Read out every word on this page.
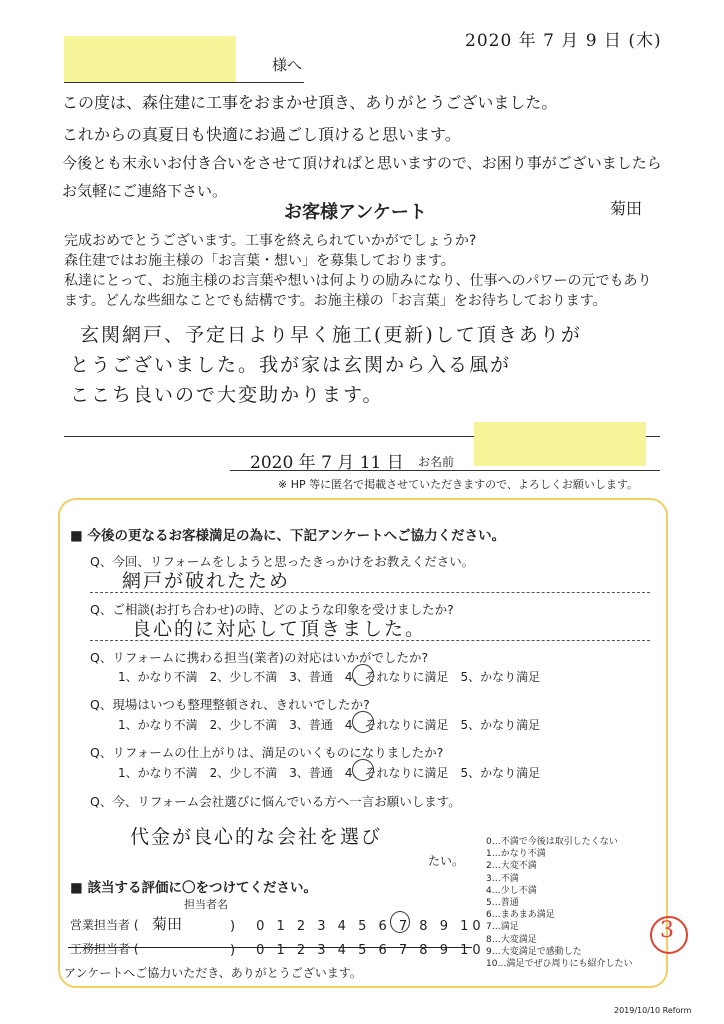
2020 年 7 月 9 日 (木)
様へ
この度は、森住建に工事をおまかせ頂き、ありがとうございました。
これからの真夏日も快適にお過ごし頂けると思います。
今後とも末永いお付き合いをさせて頂ければと思いますので、お困り事がございましたら
お気軽にご連絡下さい。
菊田
お客様アンケート
完成おめでとうございます。工事を終えられていかがでしょうか?
森住建ではお施主様の「お言葉・想い」を募集しております。
私達にとって、お施主様のお言葉や想いは何よりの励みになり、仕事へのパワーの元でもあり
ます。どんな些細なことでも結構です。お施主様の「お言葉」をお待ちしております。
玄関網戸、予定日より早く施工(更新)して頂きありが
とうございました。我が家は玄関から入る風が
ここち良いので大変助かります。
2020 年 7 月 11 日 お名前
※ HP 等に匿名で掲載させていただきますので、よろしくお願いします。
■ 今後の更なるお客様満足の為に、下記アンケートへご協力ください。
Q、今回、リフォームをしようと思ったきっかけをお教えください。
網戸が破れたため
Q、ご相談(お打ち合わせ)の時、どのような印象を受けましたか?
良心的に対応して頂きました。
Q、リフォームに携わる担当(業者)の対応はいかがでしたか?
1、かなり不満　2、少し不満　3、普通　4、それなりに満足　5、かなり満足
Q、現場はいつも整理整頓され、きれいでしたか?
1、かなり不満　2、少し不満　3、普通　4、それなりに満足　5、かなり満足
Q、リフォームの仕上がりは、満足のいくものになりましたか?
1、かなり不満　2、少し不満　3、普通　4、それなりに満足　5、かなり満足
Q、今、リフォーム会社選びに悩んでいる方へ一言お願いします。
代金が良心的な会社を選び
たい。
0…不満で今後は取引したくない
1…かなり不満
2…大変不満
3…不満
4…少し不満
5…普通
6…まあまあ満足
7…満足
8…大変満足
9…大変満足で感動した
10…満足でぜひ周りにも紹介したい
■ 該当する評価に〇をつけてください。
担当者名
営業担当者 ( 菊田	)　0 1 2 3 4 5 6 7 8 9 10
工務担当者 (	)　0 1 2 3 4 5 6 7 8 9 10
3
アンケートへご協力いただき、ありがとうございます。
2019/10/10 Reform
